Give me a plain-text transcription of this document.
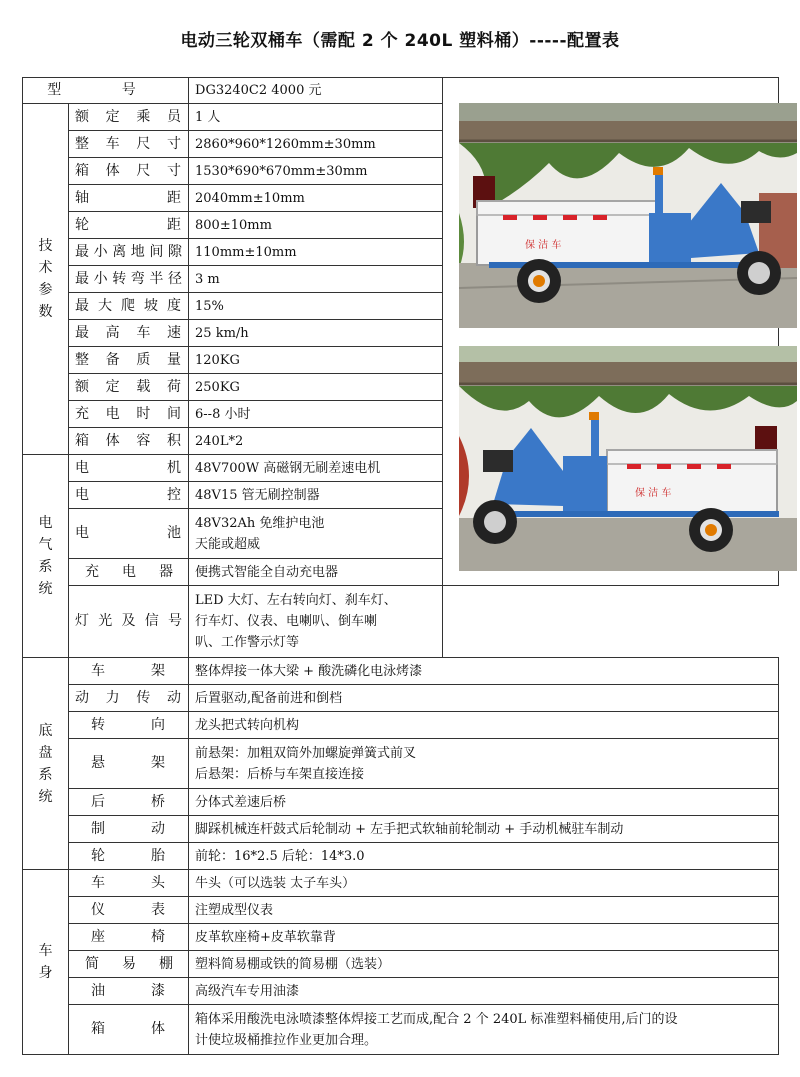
电动三轮双桶车（需配 2 个 240L 塑料桶）-----配置表
型 号		DG3240C2 4000 元	保 洁 车
保 洁 车

技
术
参
数	额定乘员	1 人	
	整车尺寸	2860*960*1260mm±30mm	
	箱体尺寸	1530*690*670mm±30mm	
	轴距	2040mm±10mm	
	轮距	800±10mm	
	最小离地间隙	110mm±10mm	
	最小转弯半径	3 m	
	最大爬坡度	15%	
	最高车速	25 km/h	
	整备质量	120KG	
	额定载荷	250KG	
	充电时间	6--8 小时	
	箱体容积	240L*2	

电
气
系
统	电机	48V700W 高磁钢无刷差速电机	
	电控	48V15 管无刷控制器	
	电池	48V32Ah 免维护电池
天能或超威	

	充电器	便携式智能全自动充电器	
	灯光及信号	LED 大灯、左右转向灯、刹车灯、
行车灯、仪表、电喇叭、倒车喇
叭、工作警示灯等	

底
盘
系
统	车架	整体焊接一体大梁 + 酸洗磷化电泳烤漆	
	动力传动	后置驱动,配备前进和倒档	
	转向	龙头把式转向机构	
	悬架	前悬架：加粗双筒外加螺旋弹簧式前叉
后悬架：后桥与车架直接连接	

	后桥	分体式差速后桥	
	制动	脚踩机械连杆鼓式后轮制动 + 左手把式软轴前轮制动 + 手动机械驻车制动	
	轮胎	前轮：16*2.5 后轮：14*3.0	

车
身	车头	牛头（可以选装 太子车头）	
	仪表	注塑成型仪表	
	座椅	皮革软座椅+皮革软靠背	
	简易棚	塑料简易棚或铁的简易棚（选装）	
	油漆	高级汽车专用油漆	
	箱体	箱体采用酸洗电泳喷漆整体焊接工艺而成,配合 2 个 240L 标准塑料桶使用,后门的设
计使垃圾桶推拉作业更加合理。	
